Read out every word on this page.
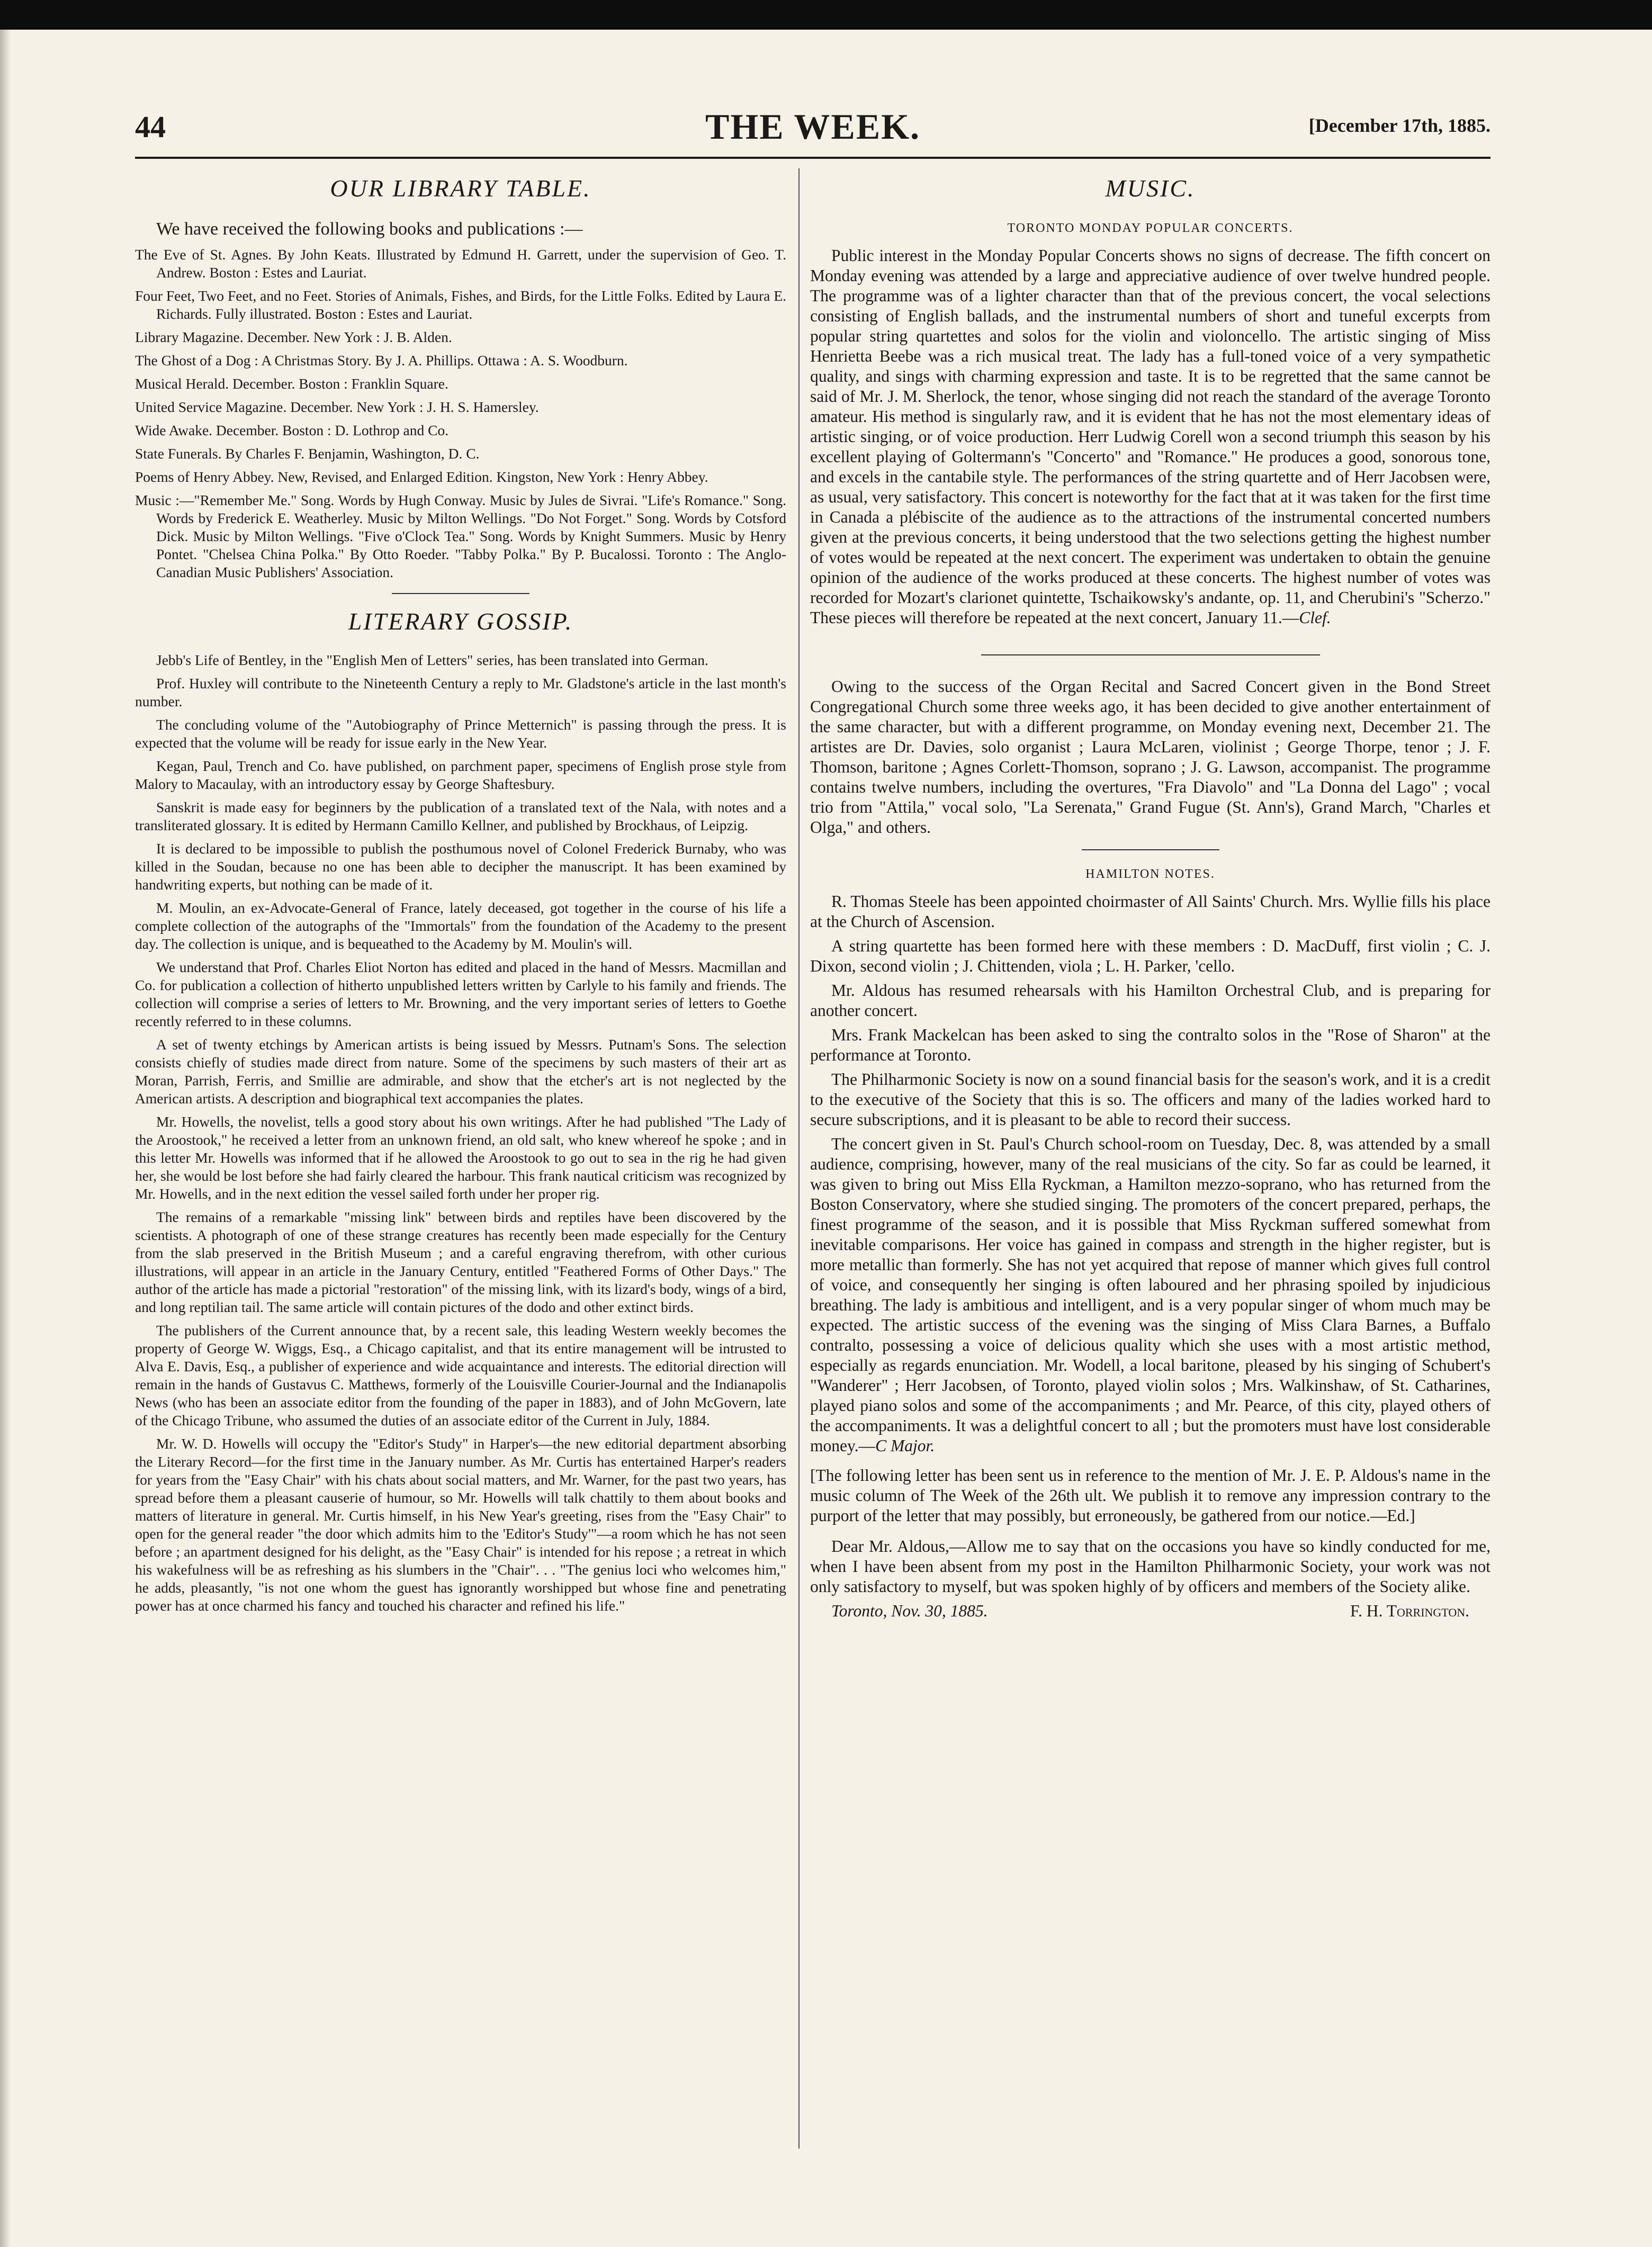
44	THE WEEK.	[December 17th, 1885.
OUR LIBRARY TABLE.
We have received the following books and publications :—
The Eve of St. Agnes. By John Keats. Illustrated by Edmund H. Garrett, under the supervision of Geo. T. Andrew. Boston : Estes and Lauriat.
Four Feet, Two Feet, and no Feet. Stories of Animals, Fishes, and Birds, for the Little Folks. Edited by Laura E. Richards. Fully illustrated. Boston : Estes and Lauriat.
Library Magazine. December. New York : J. B. Alden.
The Ghost of a Dog : A Christmas Story. By J. A. Phillips. Ottawa : A. S. Woodburn.
Musical Herald. December. Boston : Franklin Square.
United Service Magazine. December. New York : J. H. S. Hamersley.
Wide Awake. December. Boston : D. Lothrop and Co.
State Funerals. By Charles F. Benjamin, Washington, D. C.
Poems of Henry Abbey. New, Revised, and Enlarged Edition. Kingston, New York : Henry Abbey.
Music :—"Remember Me." Song. Words by Hugh Conway. Music by Jules de Sivrai. "Life's Romance." Song. Words by Frederick E. Weatherley. Music by Milton Wellings. "Do Not Forget." Song. Words by Cotsford Dick. Music by Milton Wellings. "Five o'Clock Tea." Song. Words by Knight Summers. Music by Henry Pontet. "Chelsea China Polka." By Otto Roeder. "Tabby Polka." By P. Bucalossi. Toronto : The Anglo-Canadian Music Publishers' Association.
LITERARY GOSSIP.

Jebb's Life of Bentley, in the "English Men of Letters" series, has been translated into German.

Prof. Huxley will contribute to the Nineteenth Century a reply to Mr. Gladstone's article in the last month's number.

The concluding volume of the "Autobiography of Prince Metternich" is passing through the press. It is expected that the volume will be ready for issue early in the New Year.

Kegan, Paul, Trench and Co. have published, on parchment paper, specimens of English prose style from Malory to Macaulay, with an introductory essay by George Shaftesbury.

Sanskrit is made easy for beginners by the publication of a translated text of the Nala, with notes and a transliterated glossary. It is edited by Hermann Camillo Kellner, and published by Brockhaus, of Leipzig.

It is declared to be impossible to publish the posthumous novel of Colonel Frederick Burnaby, who was killed in the Soudan, because no one has been able to decipher the manuscript. It has been examined by handwriting experts, but nothing can be made of it.

M. Moulin, an ex-Advocate-General of France, lately deceased, got together in the course of his life a complete collection of the autographs of the "Immortals" from the foundation of the Academy to the present day. The collection is unique, and is bequeathed to the Academy by M. Moulin's will.

We understand that Prof. Charles Eliot Norton has edited and placed in the hand of Messrs. Macmillan and Co. for publication a collection of hitherto unpublished letters written by Carlyle to his family and friends. The collection will comprise a series of letters to Mr. Browning, and the very important series of letters to Goethe recently referred to in these columns.

A set of twenty etchings by American artists is being issued by Messrs. Putnam's Sons. The selection consists chiefly of studies made direct from nature. Some of the specimens by such masters of their art as Moran, Parrish, Ferris, and Smillie are admirable, and show that the etcher's art is not neglected by the American artists. A description and biographical text accompanies the plates.

Mr. Howells, the novelist, tells a good story about his own writings. After he had published "The Lady of the Aroostook," he received a letter from an unknown friend, an old salt, who knew whereof he spoke ; and in this letter Mr. Howells was informed that if he allowed the Aroostook to go out to sea in the rig he had given her, she would be lost before she had fairly cleared the harbour. This frank nautical criticism was recognized by Mr. Howells, and in the next edition the vessel sailed forth under her proper rig.

The remains of a remarkable "missing link" between birds and reptiles have been discovered by the scientists. A photograph of one of these strange creatures has recently been made especially for the Century from the slab preserved in the British Museum ; and a careful engraving therefrom, with other curious illustrations, will appear in an article in the January Century, entitled "Feathered Forms of Other Days." The author of the article has made a pictorial "restoration" of the missing link, with its lizard's body, wings of a bird, and long reptilian tail. The same article will contain pictures of the dodo and other extinct birds.

The publishers of the Current announce that, by a recent sale, this leading Western weekly becomes the property of George W. Wiggs, Esq., a Chicago capitalist, and that its entire management will be intrusted to Alva E. Davis, Esq., a publisher of experience and wide acquaintance and interests. The editorial direction will remain in the hands of Gustavus C. Matthews, formerly of the Louisville Courier-Journal and the Indianapolis News (who has been an associate editor from the founding of the paper in 1883), and of John McGovern, late of the Chicago Tribune, who assumed the duties of an associate editor of the Current in July, 1884.

Mr. W. D. Howells will occupy the "Editor's Study" in Harper's—the new editorial department absorbing the Literary Record—for the first time in the January number. As Mr. Curtis has entertained Harper's readers for years from the "Easy Chair" with his chats about social matters, and Mr. Warner, for the past two years, has spread before them a pleasant causerie of humour, so Mr. Howells will talk chattily to them about books and matters of literature in general. Mr. Curtis himself, in his New Year's greeting, rises from the "Easy Chair" to open for the general reader "the door which admits him to the 'Editor's Study'"—a room which he has not seen before ; an apartment designed for his delight, as the "Easy Chair" is intended for his repose ; a retreat in which his wakefulness will be as refreshing as his slumbers in the "Chair". . . "The genius loci who welcomes him," he adds, pleasantly, "is not one whom the guest has ignorantly worshipped but whose fine and penetrating power has at once charmed his fancy and touched his character and refined his life."

MUSIC.
TORONTO MONDAY POPULAR CONCERTS.

Public interest in the Monday Popular Concerts shows no signs of decrease. The fifth concert on Monday evening was attended by a large and appreciative audience of over twelve hundred people. The programme was of a lighter character than that of the previous concert, the vocal selections consisting of English ballads, and the instrumental numbers of short and tuneful excerpts from popular string quartettes and solos for the violin and violoncello. The artistic singing of Miss Henrietta Beebe was a rich musical treat. The lady has a full-toned voice of a very sympathetic quality, and sings with charming expression and taste. It is to be regretted that the same cannot be said of Mr. J. M. Sherlock, the tenor, whose singing did not reach the standard of the average Toronto amateur. His method is singularly raw, and it is evident that he has not the most elementary ideas of artistic singing, or of voice production. Herr Ludwig Corell won a second triumph this season by his excellent playing of Goltermann's "Concerto" and "Romance." He produces a good, sonorous tone, and excels in the cantabile style. The performances of the string quartette and of Herr Jacobsen were, as usual, very satisfactory. This concert is noteworthy for the fact that at it was taken for the first time in Canada a plébiscite of the audience as to the attractions of the instrumental concerted numbers given at the previous concerts, it being understood that the two selections getting the highest number of votes would be repeated at the next concert. The experiment was undertaken to obtain the genuine opinion of the audience of the works produced at these concerts. The highest number of votes was recorded for Mozart's clarionet quintette, Tschaikowsky's andante, op. 11, and Cherubini's "Scherzo." These pieces will therefore be repeated at the next concert, January 11.—Clef.

Owing to the success of the Organ Recital and Sacred Concert given in the Bond Street Congregational Church some three weeks ago, it has been decided to give another entertainment of the same character, but with a different programme, on Monday evening next, December 21. The artistes are Dr. Davies, solo organist ; Laura McLaren, violinist ; George Thorpe, tenor ; J. F. Thomson, baritone ; Agnes Corlett-Thomson, soprano ; J. G. Lawson, accompanist. The programme contains twelve numbers, including the overtures, "Fra Diavolo" and "La Donna del Lago" ; vocal trio from "Attila," vocal solo, "La Serenata," Grand Fugue (St. Ann's), Grand March, "Charles et Olga," and others.

HAMILTON NOTES.

R. Thomas Steele has been appointed choirmaster of All Saints' Church. Mrs. Wyllie fills his place at the Church of Ascension.

A string quartette has been formed here with these members : D. MacDuff, first violin ; C. J. Dixon, second violin ; J. Chittenden, viola ; L. H. Parker, 'cello.

Mr. Aldous has resumed rehearsals with his Hamilton Orchestral Club, and is preparing for another concert.

Mrs. Frank Mackelcan has been asked to sing the contralto solos in the "Rose of Sharon" at the performance at Toronto.

The Philharmonic Society is now on a sound financial basis for the season's work, and it is a credit to the executive of the Society that this is so. The officers and many of the ladies worked hard to secure subscriptions, and it is pleasant to be able to record their success.

The concert given in St. Paul's Church school-room on Tuesday, Dec. 8, was attended by a small audience, comprising, however, many of the real musicians of the city. So far as could be learned, it was given to bring out Miss Ella Ryckman, a Hamilton mezzo-soprano, who has returned from the Boston Conservatory, where she studied singing. The promoters of the concert prepared, perhaps, the finest programme of the season, and it is possible that Miss Ryckman suffered somewhat from inevitable comparisons. Her voice has gained in compass and strength in the higher register, but is more metallic than formerly. She has not yet acquired that repose of manner which gives full control of voice, and consequently her singing is often laboured and her phrasing spoiled by injudicious breathing. The lady is ambitious and intelligent, and is a very popular singer of whom much may be expected. The artistic success of the evening was the singing of Miss Clara Barnes, a Buffalo contralto, possessing a voice of delicious quality which she uses with a most artistic method, especially as regards enunciation. Mr. Wodell, a local baritone, pleased by his singing of Schubert's "Wanderer" ; Herr Jacobsen, of Toronto, played violin solos ; Mrs. Walkinshaw, of St. Catharines, played piano solos and some of the accompaniments ; and Mr. Pearce, of this city, played others of the accompaniments. It was a delightful concert to all ; but the promoters must have lost considerable money.—C Major.

[The following letter has been sent us in reference to the mention of Mr. J. E. P. Aldous's name in the music column of The Week of the 26th ult. We publish it to remove any impression contrary to the purport of the letter that may possibly, but erroneously, be gathered from our notice.—Ed.]

Dear Mr. Aldous,—Allow me to say that on the occasions you have so kindly conducted for me, when I have been absent from my post in the Hamilton Philharmonic Society, your work was not only satisfactory to myself, but was spoken highly of by officers and members of the Society alike.

Toronto, Nov. 30, 1885.	F. H. Torrington.
